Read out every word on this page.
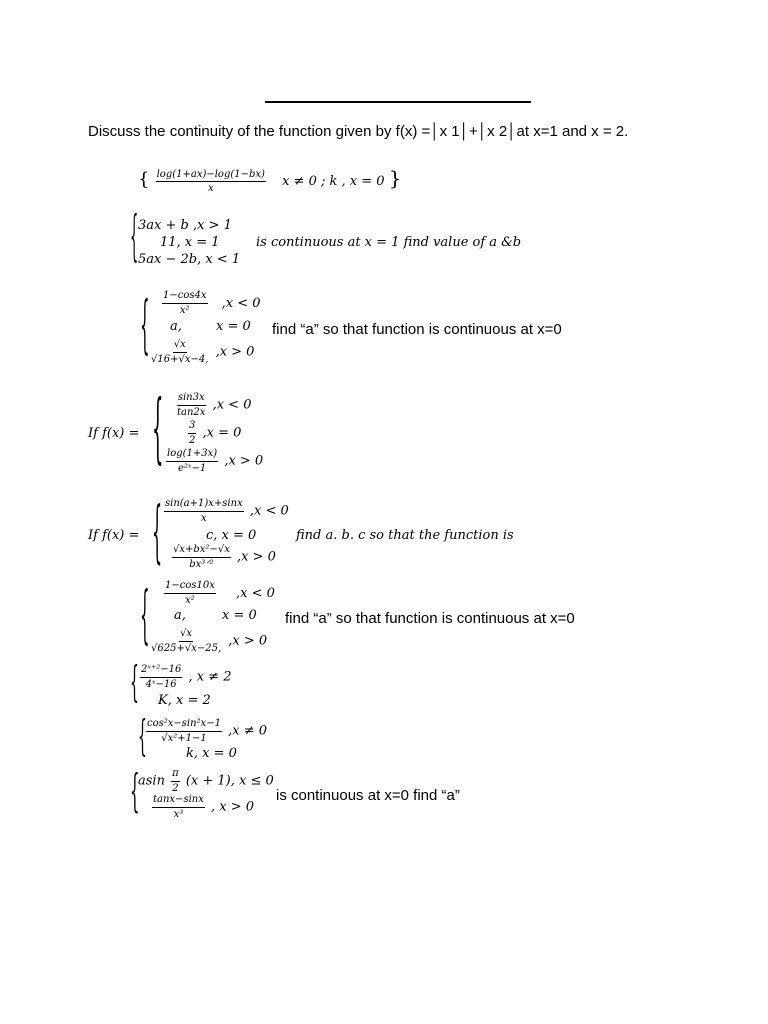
Discuss the continuity of the function given by f(x) =│x 1│+│x 2│at x=1 and x = 2.
{ $\frac{\log(1+ax)-\log(1-bx)}{x}$ x ≠ 0 ; k , x = 0 }
{ 3ax + b ,x > 1
11, x = 1
5ax − 2b, x < 1
is continuous at x = 1 find value of a &b
{ $\frac{1-\cos 4x}{\text{x²}} ,x < 0$
a,	x = 0
$\frac{√x}{√16+√x-4,} ,x > 0$
find “a” so that function is continuous at x=0
If f(x) = { $\frac{\sin 3x}{\tan 2x} ,x < 0$
$\frac{3}{2} ,x = 0$
$\frac{\log(1+3x)}{\text{e²ˣ−1}} ,x > 0$
If f(x) = { $\frac{\sin(a+1)x+\sin x}{x} ,x < 0$
c, x = 0
$\frac{\text{√x+bx²−√x}}{\text{bx³ᐟ²}} ,x > 0$
find a. b. c so that the function is
{ $\frac{1-\cos 10x}{\text{x²}} ,x < 0$
a,	x = 0
$\frac{√x}{√625+√x-25,} ,x > 0$
find “a” so that function is continuous at x=0
{ $\frac{\text{2ˣ⁺²−16}}{\text{4ˣ−16}}$ , x ≠ 2
K, x = 2
{ $\frac{\text{cos²x−sin²x−1}}{\text{√x²+1−1}} ,x \ne 0$
k, x = 0
{
asin $\frac{\pi}{2} (x + 1)$, x ≤ 0
$\frac{\tan x-\sin x}{\text{x³}}$ , x > 0
is continuous at x=0 find “a”
